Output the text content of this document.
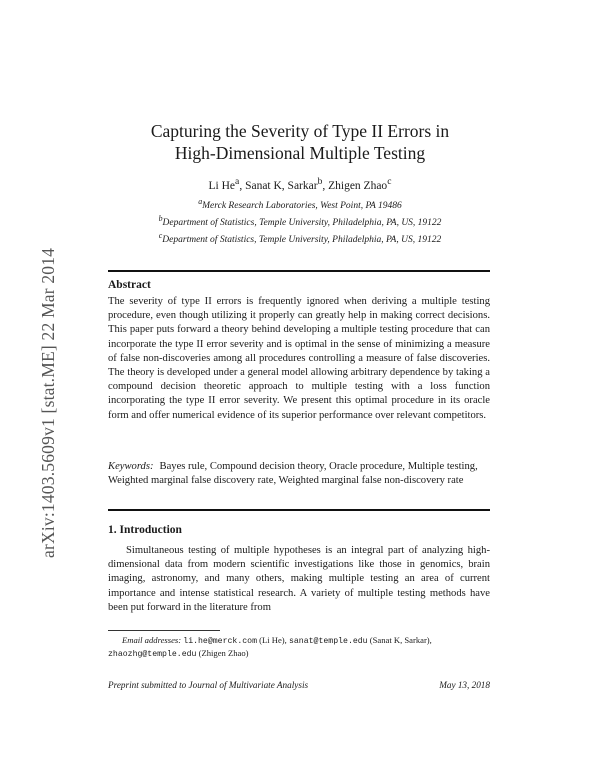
arXiv:1403.5609v1 [stat.ME] 22 Mar 2014
Capturing the Severity of Type II Errors in
High-Dimensional Multiple Testing
Li He$^a$, Sanat K, Sarkar$^b$, Zhigen Zhao$^c$
$^a$Merck Research Laboratories, West Point, PA 19486
$^b$Department of Statistics, Temple University, Philadelphia, PA, US, 19122
$^c$Department of Statistics, Temple University, Philadelphia, PA, US, 19122
Abstract
The severity of type II errors is frequently ignored when deriving a multiple testing procedure, even though utilizing it properly can greatly help in making correct decisions. This paper puts forward a theory behind developing a multiple testing procedure that can incorporate the type II error severity and is optimal in the sense of minimizing a measure of false non-discoveries among all procedures controlling a measure of false discoveries. The theory is developed under a general model allowing arbitrary dependence by taking a compound decision theoretic approach to multiple testing with a loss function incorporating the type II error severity. We present this optimal procedure in its oracle form and offer numerical evidence of its superior performance over relevant competitors.
Keywords: Bayes rule, Compound decision theory, Oracle procedure, Multiple testing, Weighted marginal false discovery rate, Weighted marginal false non-discovery rate
1. Introduction
Simultaneous testing of multiple hypotheses is an integral part of analyzing high-dimensional data from modern scientific investigations like those in genomics, brain imaging, astronomy, and many others, making multiple testing an area of current importance and intense statistical research. A variety of multiple testing methods have been put forward in the literature from
Email addresses: li.he@merck.com (Li He), sanat@temple.edu (Sanat K, Sarkar), zhaozhg@temple.edu (Zhigen Zhao)
Preprint submitted to Journal of Multivariate Analysis	May 13, 2018
